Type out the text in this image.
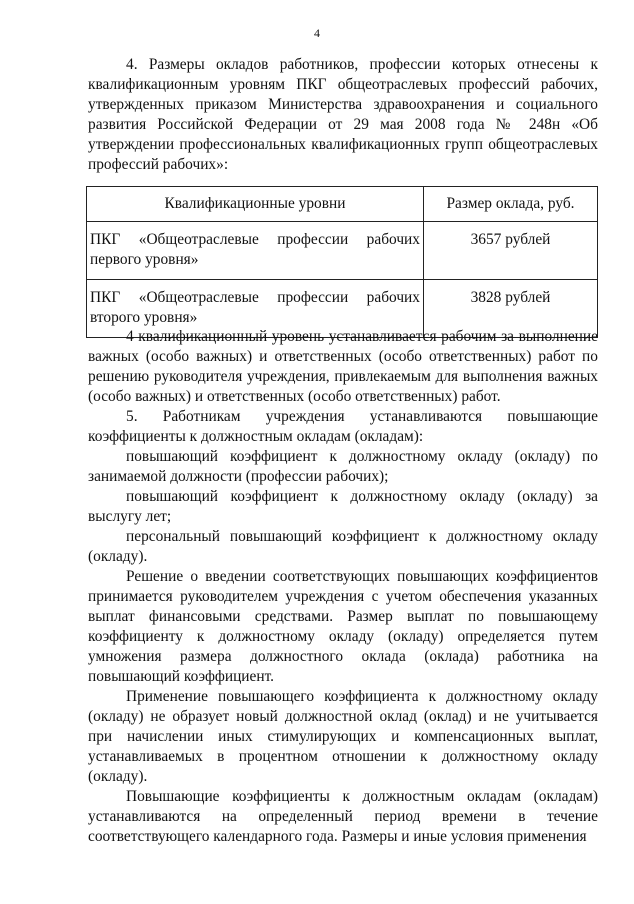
4

4. Размеры окладов работников, профессии которых отнесены к квалификационным уровням ПКГ общеотраслевых профессий рабочих, утвержденных приказом Министерства здравоохранения и социального развития Российской Федерации от 29 мая 2008 года № 248н «Об утверждении профессиональных квалификационных групп общеотраслевых профессий рабочих»:

Квалификационные уровни	Размер оклада, руб.
ПКГ «Общеотраслевые профессии рабочих первого уровня»	3657 рублей
ПКГ «Общеотраслевые профессии рабочих второго уровня»	3828 рублей

4 квалификационный уровень устанавливается рабочим за выполнение важных (особо важных) и ответственных (особо ответственных) работ по решению руководителя учреждения, привлекаемым для выполнения важных (особо важных) и ответственных (особо ответственных) работ.

5. Работникам учреждения устанавливаются повышающие коэффициенты к должностным окладам (окладам):

повышающий коэффициент к должностному окладу (окладу) по занимаемой должности (профессии рабочих);

повышающий коэффициент к должностному окладу (окладу) за выслугу лет;

персональный повышающий коэффициент к должностному окладу (окладу).

Решение о введении соответствующих повышающих коэффициентов принимается руководителем учреждения с учетом обеспечения указанных выплат финансовыми средствами. Размер выплат по повышающему коэффициенту к должностному окладу (окладу) определяется путем умножения размера должностного оклада (оклада) работника на повышающий коэффициент.

Применение повышающего коэффициента к должностному окладу (окладу) не образует новый должностной оклад (оклад) и не учитывается при начислении иных стимулирующих и компенсационных выплат, устанавливаемых в процентном отношении к должностному окладу (окладу).

Повышающие коэффициенты к должностным окладам (окладам) устанавливаются на определенный период времени в течение соответствующего календарного года. Размеры и иные условия применения
